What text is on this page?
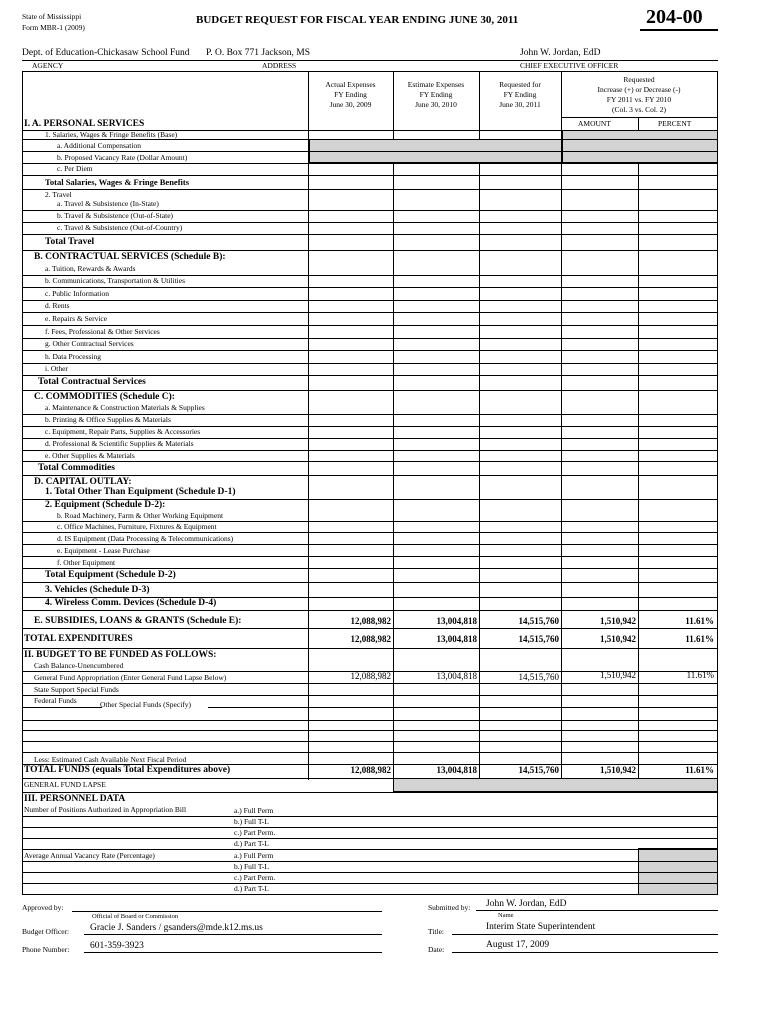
State of Mississippi
Form MBR-1 (2009)
BUDGET REQUEST FOR FISCAL YEAR ENDING JUNE 30, 2011	204-00
Dept. of Education-Chickasaw School Fund P. O. Box 771 Jackson, MS	John W. Jordan, EdD
AGENCY	ADDRESS	CHIEF EXECUTIVE OFFICER
Actual Expenses
FY Ending
June 30, 2009
Estimate Expenses
FY Ending
June 30, 2010
Requested for
FY Ending
June 30, 2011
Requested
Increase (+) or Decrease (-)
FY 2011 vs. FY 2010
(Col. 3 vs. Col. 2)
AMOUNT	PERCENT
I. A. PERSONAL SERVICES
1. Salaries, Wages & Fringe Benefits (Base)
a. Additional Compensation
b. Proposed Vacancy Rate (Dollar Amount)
c. Per Diem
Total Salaries, Wages & Fringe Benefits
2. Travel
a. Travel & Subsistence (In-State)
b. Travel & Subsistence (Out-of-State)
c. Travel & Subsistence (Out-of-Country)
Total Travel
B. CONTRACTUAL SERVICES (Schedule B):
a. Tuition, Rewards & Awards
b. Communications, Transportation & Utilities
c. Public Information
d. Rents
e. Repairs & Service
f. Fees, Professional & Other Services
g. Other Contractual Services
h. Data Processing
i. Other
Total Contractual Services
C. COMMODITIES (Schedule C):
a. Maintenance & Construction Materials & Supplies
b. Printing & Office Supplies & Materials
c. Equipment, Repair Parts, Supplies & Accessories
d. Professional & Scientific Supplies & Materials
e. Other Supplies & Materials
Total Commodities
D. CAPITAL OUTLAY:
1. Total Other Than Equipment (Schedule D-1)
2. Equipment (Schedule D-2):
b. Road Machinery, Farm & Other Working Equipment
c. Office Machines, Furniture, Fixtures & Equipment
d. IS Equipment (Data Processing & Telecommunications)
e. Equipment - Lease Purchase
f. Other Equipment
Total Equipment (Schedule D-2)
3. Vehicles (Schedule D-3)
4. Wireless Comm. Devices (Schedule D-4)
E. SUBSIDIES, LOANS & GRANTS (Schedule E):	12,088,982	13,004,818	14,515,760	1,510,942	11.61%
TOTAL EXPENDITURES	12,088,982	13,004,818	14,515,760	1,510,942	11.61%
II. BUDGET TO BE FUNDED AS FOLLOWS:
Cash Balance-Unencumbered
General Fund Appropriation (Enter General Fund Lapse Below)	12,088,982	13,004,818	14,515,760	1,510,942	11.61%
State Support Special Funds
Federal Funds	Other Special Funds (Specify)
Less: Estimated Cash Available Next Fiscal Period
TOTAL FUNDS (equals Total Expenditures above)	12,088,982	13,004,818	14,515,760	1,510,942	11.61%
GENERAL FUND LAPSE
III. PERSONNEL DATA
Number of Positions Authorized in Appropriation Bill	a.) Full Perm
b.) Full T-L
c.) Part Perm.
d.) Part T-L
Average Annual Vacancy Rate (Percentage)	a.) Full Perm
b.) Full T-L
c.) Part Perm.
d.) Part T-L
Approved by:
Official of Board or Commission
Budget Officer: Gracie J. Sanders / gsanders@mde.k12.ms.us
Phone Number: 601-359-3923
Submitted by: John W. Jordan, EdD
Name
Title:	Interim State Superintendent
Date:	August 17, 2009
